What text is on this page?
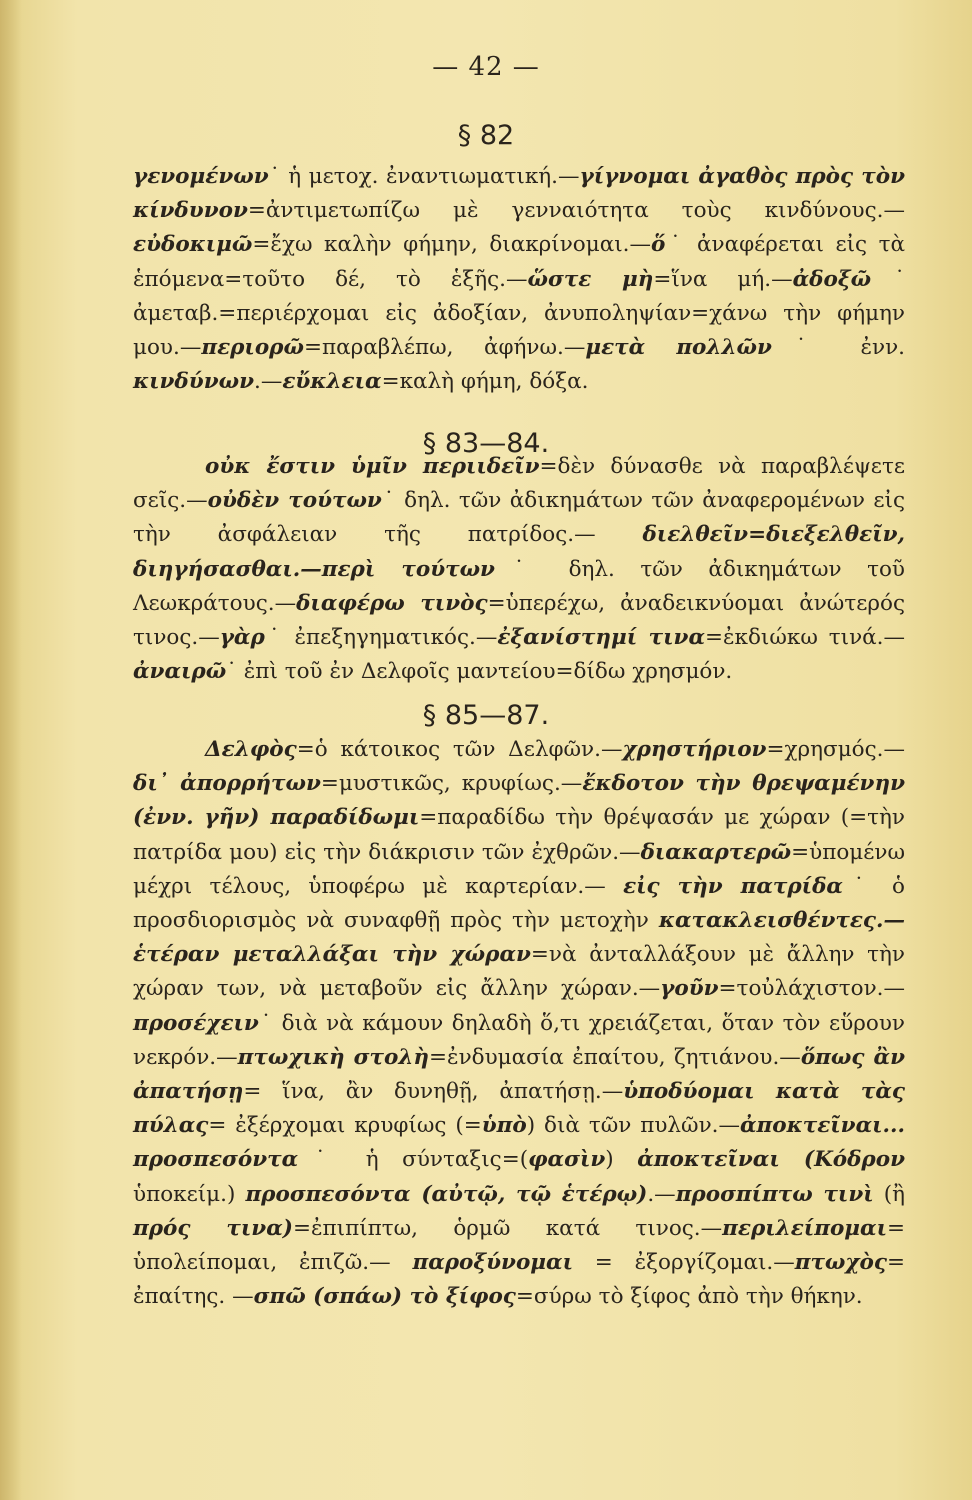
— 42 —
§ 82
γενομένων˙ ἡ μετοχ. ἐναντιωματική.—γίγνομαι ἀγαθὸς πρὸς τὸν κίνδυνον=ἀντιμετωπίζω μὲ γενναιότητα τοὺς κινδύνους.— εὐδοκιμῶ=ἔχω καλὴν φήμην, διακρίνομαι.—ὅ˙ ἀναφέρεται εἰς τὰ ἑπόμενα=τοῦτο δέ, τὸ ἑξῆς.—ὥστε μὴ=ἵνα μή.—ἀδοξῶ˙ ἀμεταβ.=περιέρχομαι εἰς ἀδοξίαν, ἀνυποληψίαν=χάνω τὴν φήμην μου.—περιορῶ=παραβλέπω, ἀφήνω.—μετὰ πολλῶν˙ ἐνν. κινδύνων.—εὔκλεια=καλὴ φήμη, δόξα.
§ 83—84.
οὐκ ἔστιν ὑμῖν περιιδεῖν=δὲν δύνασθε νὰ παραβλέψετε σεῖς.—οὐδὲν τούτων˙ δηλ. τῶν ἀδικημάτων τῶν ἀναφερομένων εἰς τὴν ἀσφάλειαν τῆς πατρίδος.— διελθεῖν=διεξελθεῖν, διηγήσασθαι.—περὶ τούτων˙ δηλ. τῶν ἀδικημάτων τοῦ Λεωκράτους.—διαφέρω τινὸς=ὑπερέχω, ἀναδεικνύομαι ἀνώτερός τινος.—γὰρ˙ ἐπεξηγηματικός.—ἐξανίστημί τινα=ἐκδιώκω τινά.— ἀναιρῶ˙ ἐπὶ τοῦ ἐν Δελφοῖς μαντείου=δίδω χρησμόν.
§ 85—87.
Δελφὸς=ὁ κάτοικος τῶν Δελφῶν.—χρηστήριον=χρησμός.— δι᾿ ἀπορρήτων=μυστικῶς, κρυφίως.—ἔκδοτον τὴν θρεψαμένην (ἐνν. γῆν) παραδίδωμι=παραδίδω τὴν θρέψασάν με χώραν (=τὴν πατρίδα μου) εἰς τὴν διάκρισιν τῶν ἐχθρῶν.—διακαρτερῶ=ὑπομένω μέχρι τέλους, ὑποφέρω μὲ καρτερίαν.— εἰς τὴν πατρίδα˙ ὁ προσδιορισμὸς νὰ συναφθῇ πρὸς τὴν μετοχὴν κατακλεισθέντες.—ἑτέραν μεταλλάξαι τὴν χώραν=νὰ ἀνταλλάξουν μὲ ἄλλην τὴν χώραν των, νὰ μεταβοῦν εἰς ἄλλην χώραν.—γοῦν=τοὐλάχιστον.—προσέχειν˙ διὰ νὰ κάμουν δηλαδὴ ὅ,τι χρειάζεται, ὅταν τὸν εὕρουν νεκρόν.—πτωχικὴ στολὴ=ἐνδυμασία ἐπαίτου, ζητιάνου.—ὅπως ἂν ἀπατήσῃ= ἵνα, ἂν δυνηθῇ, ἀπατήσῃ.—ὑποδύομαι κατὰ τὰς πύλας= ἐξέρχομαι κρυφίως (=ὑπὸ) διὰ τῶν πυλῶν.—ἀποκτεῖναι... προσπεσόντα˙ ἡ σύνταξις=(φασὶν) ἀποκτεῖναι (Κόδρον ὑποκείμ.) προσπεσόντα (αὐτῷ, τῷ ἑτέρῳ).—προσπίπτω τινὶ (ἢ πρός τινα)=ἐπιπίπτω, ὁρμῶ κατά τινος.—περιλείπομαι= ὑπολείπομαι, ἐπιζῶ.— παροξύνομαι = ἐξοργίζομαι.—πτωχὸς= ἐπαίτης. —σπῶ (σπάω) τὸ ξίφος=σύρω τὸ ξίφος ἀπὸ τὴν θήκην.
